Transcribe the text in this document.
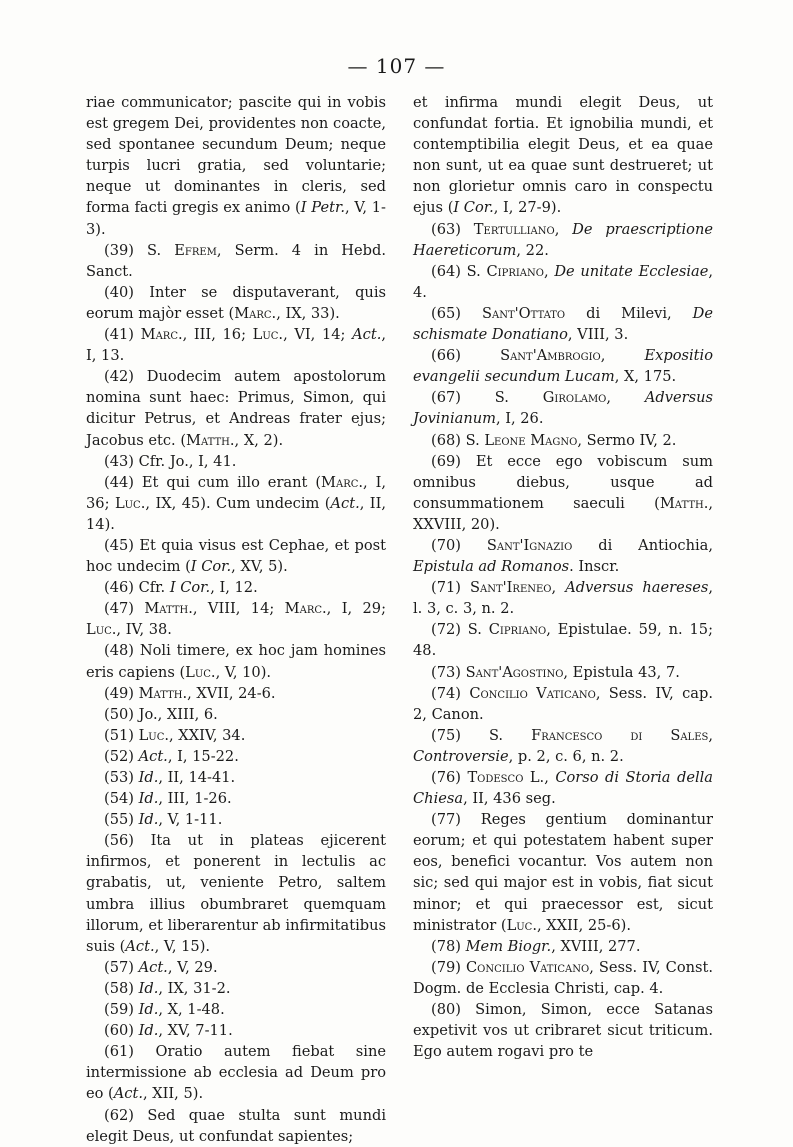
— 107 —

riae communicator; pascite qui in vobis est gregem Dei, providentes non coacte, sed spontanee secundum Deum; neque turpis lucri gratia, sed voluntarie; neque ut dominantes in cleris, sed forma facti gregis ex animo (I Petr., V, 1-3).

(39) S. Efrem, Serm. 4 in Hebd. Sanct.

(40) Inter se disputaverant, quis eorum majòr esset (Marc., IX, 33).

(41) Marc., III, 16; Luc., VI, 14; Act., I, 13.

(42) Duodecim autem apostolorum nomina sunt haec: Primus, Simon, qui dicitur Petrus, et Andreas frater ejus; Jacobus etc. (Matth., X, 2).

(43) Cfr. Jo., I, 41.

(44) Et qui cum illo erant (Marc., I, 36; Luc., IX, 45). Cum undecim (Act., II, 14).

(45) Et quia visus est Cephae, et post hoc undecim (I Cor., XV, 5).

(46) Cfr. I Cor., I, 12.

(47) Matth., VIII, 14; Marc., I, 29; Luc., IV, 38.

(48) Noli timere, ex hoc jam homines eris capiens (Luc., V, 10).

(49) Matth., XVII, 24-6.

(50) Jo., XIII, 6.

(51) Luc., XXIV, 34.

(52) Act., I, 15-22.

(53) Id., II, 14-41.

(54) Id., III, 1-26.

(55) Id., V, 1-11.

(56) Ita ut in plateas ejicerent infirmos, et ponerent in lectulis ac grabatis, ut, veniente Petro, saltem umbra illius obumbraret quemquam illorum, et liberarentur ab infirmitatibus suis (Act., V, 15).

(57) Act., V, 29.

(58) Id., IX, 31-2.

(59) Id., X, 1-48.

(60) Id., XV, 7-11.

(61) Oratio autem fiebat sine intermissione ab ecclesia ad Deum pro eo (Act., XII, 5).

(62) Sed quae stulta sunt mundi elegit Deus, ut confundat sapientes;

et infirma mundi elegit Deus, ut confundat fortia. Et ignobilia mundi, et contemptibilia elegit Deus, et ea quae non sunt, ut ea quae sunt destrueret; ut non glorietur omnis caro in conspectu ejus (I Cor., I, 27-9).

(63) Tertulliano, De praescriptione Haereticorum, 22.

(64) S. Cipriano, De unitate Ecclesiae, 4.

(65) Sant'Ottato di Milevi, De schismate Donatiano, VIII, 3.

(66) Sant'Ambrogio, Expositio evangelii secundum Lucam, X, 175.

(67) S. Girolamo, Adversus Jovinianum, I, 26.

(68) S. Leone Magno, Sermo IV, 2.

(69) Et ecce ego vobiscum sum omnibus diebus, usque ad consummationem saeculi (Matth., XXVIII, 20).

(70) Sant'Ignazio di Antiochia, Epistula ad Romanos. Inscr.

(71) Sant'Ireneo, Adversus haereses, l. 3, c. 3, n. 2.

(72) S. Cipriano, Epistulae. 59, n. 15; 48.

(73) Sant'Agostino, Epistula 43, 7.

(74) Concilio Vaticano, Sess. IV, cap. 2, Canon.

(75) S. Francesco di Sales, Controversie, p. 2, c. 6, n. 2.

(76) Todesco L., Corso di Storia della Chiesa, II, 436 seg.

(77) Reges gentium dominantur eorum; et qui potestatem habent super eos, benefici vocantur. Vos autem non sic; sed qui major est in vobis, fiat sicut minor; et qui praecessor est, sicut ministrator (Luc., XXII, 25-6).

(78) Mem Biogr., XVIII, 277.

(79) Concilio Vaticano, Sess. IV, Const. Dogm. de Ecclesia Christi, cap. 4.

(80) Simon, Simon, ecce Satanas expetivit vos ut cribraret sicut triticum. Ego autem rogavi pro te
